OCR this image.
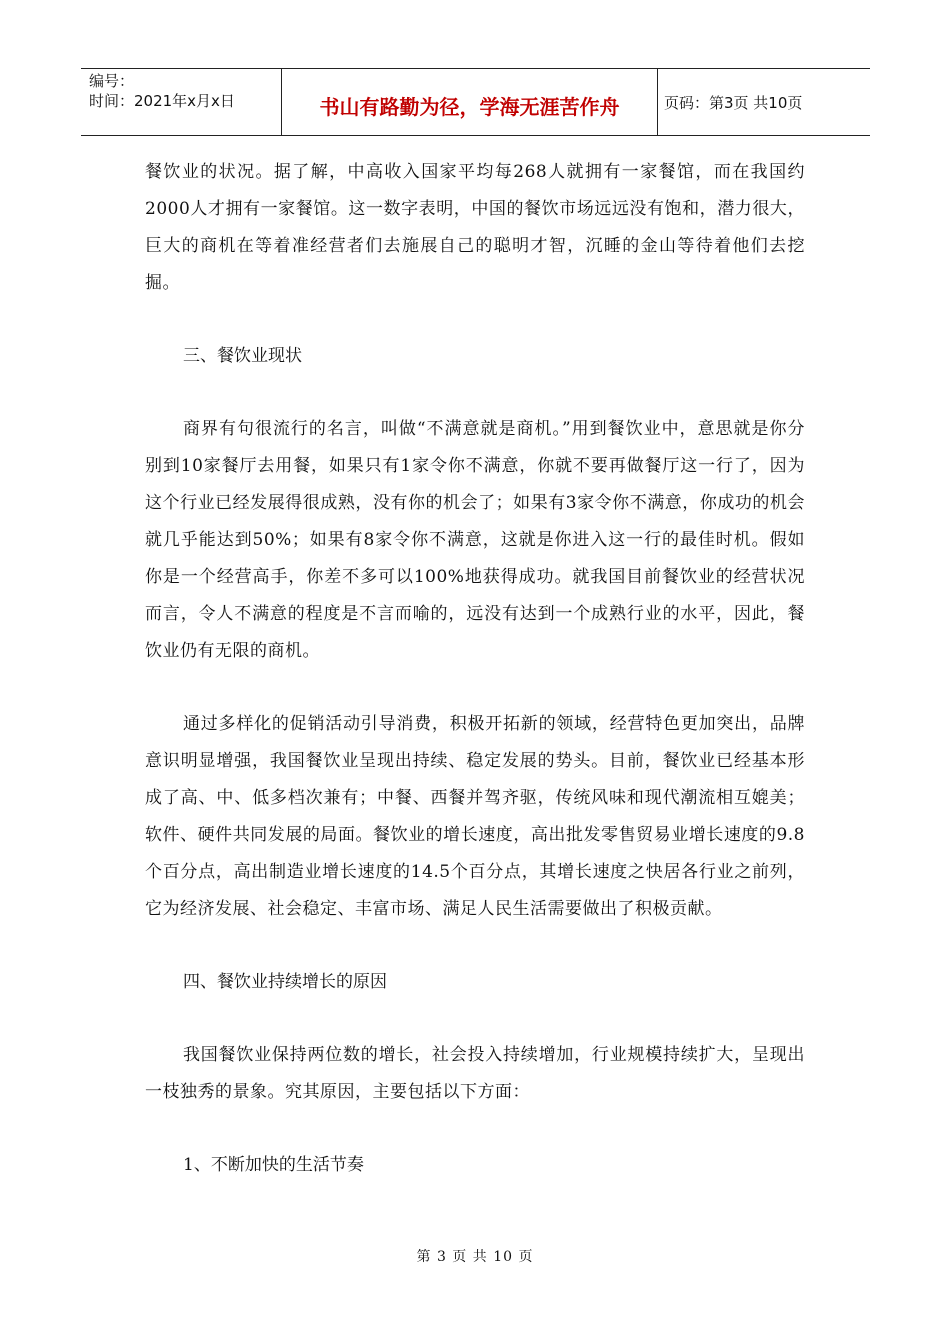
编号：
时间：2021年x月x日	书山有路勤为径，学海无涯苦作舟	页码：第3页 共10页

餐饮业的状况。据了解，中高收入国家平均每268人就拥有一家餐馆，而在我国约2000人才拥有一家餐馆。这一数字表明，中国的餐饮市场远远没有饱和，潜力很大，巨大的商机在等着准经营者们去施展自己的聪明才智，沉睡的金山等待着他们去挖掘。

三、餐饮业现状

商界有句很流行的名言，叫做“不满意就是商机。”用到餐饮业中，意思就是你分别到10家餐厅去用餐，如果只有1家令你不满意，你就不要再做餐厅这一行了，因为这个行业已经发展得很成熟，没有你的机会了；如果有3家令你不满意，你成功的机会就几乎能达到50%；如果有8家令你不满意，这就是你进入这一行的最佳时机。假如你是一个经营高手，你差不多可以100%地获得成功。就我国目前餐饮业的经营状况而言，令人不满意的程度是不言而喻的，远没有达到一个成熟行业的水平，因此，餐饮业仍有无限的商机。

通过多样化的促销活动引导消费，积极开拓新的领域，经营特色更加突出，品牌意识明显增强，我国餐饮业呈现出持续、稳定发展的势头。目前，餐饮业已经基本形成了高、中、低多档次兼有；中餐、西餐并驾齐驱，传统风味和现代潮流相互媲美；软件、硬件共同发展的局面。餐饮业的增长速度，高出批发零售贸易业增长速度的9.8个百分点，高出制造业增长速度的14.5个百分点，其增长速度之快居各行业之前列，它为经济发展、社会稳定、丰富市场、满足人民生活需要做出了积极贡献。

四、餐饮业持续增长的原因

我国餐饮业保持两位数的增长，社会投入持续增加，行业规模持续扩大，呈现出一枝独秀的景象。究其原因，主要包括以下方面：

1、不断加快的生活节奏
第 3 页 共 10 页
